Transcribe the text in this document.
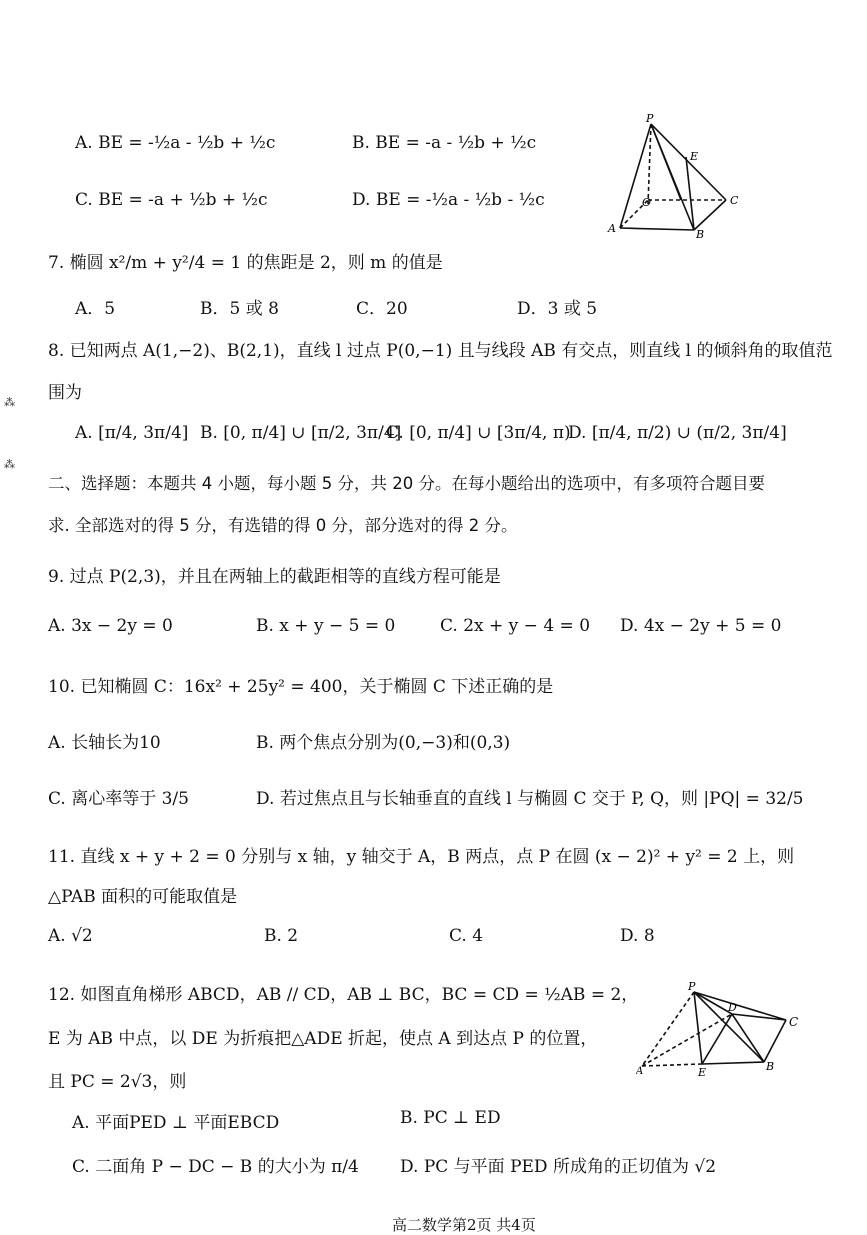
A. BE = -½a - ½b + ½c	B. BE = -a - ½b + ½c
C. BE = -a + ½b + ½c	D. BE = -½a - ½b - ½c
P
E
C
O
A	B
7. 椭圆 x²/m + y²/4 = 1 的焦距是 2，则 m 的值是
A．5	B．5 或 8	C．20	D．3 或 5
8. 已知两点 A(1,−2)、B(2,1)，直线 l 过点 P(0,−1) 且与线段 AB 有交点，则直线 l 的倾斜角的取值范
围为
A. [π/4, 3π/4] B. [0, π/4] ∪ [π/2, 3π/4]
C. [0, π/4] ∪ [3π/4, π)
D. [π/4, π/2) ∪ (π/2, 3π/4]
⁂
⁂
二、选择题：本题共 4 小题，每小题 5 分，共 20 分。在每小题给出的选项中，有多项符合题目要
求. 全部选对的得 5 分，有选错的得 0 分，部分选对的得 2 分。
9. 过点 P(2,3)，并且在两轴上的截距相等的直线方程可能是
A. 3x − 2y = 0	B. x + y − 5 = 0	C. 2x + y − 4 = 0 D. 4x − 2y + 5 = 0
10. 已知椭圆 C：16x² + 25y² = 400，关于椭圆 C 下述正确的是
A. 长轴长为10	B. 两个焦点分别为(0,−3)和(0,3)
C. 离心率等于 3/5	D. 若过焦点且与长轴垂直的直线 l 与椭圆 C 交于 P, Q，则 |PQ| = 32/5
11. 直线 x + y + 2 = 0 分别与 x 轴，y 轴交于 A，B 两点，点 P 在圆 (x − 2)² + y² = 2 上，则
△PAB 面积的可能取值是
A. √2	B. 2	C. 4	D. 8
12. 如图直角梯形 ABCD，AB // CD，AB ⊥ BC，BC = CD = ½AB = 2，
E 为 AB 中点，以 DE 为折痕把△ADE 折起，使点 A 到达点 P 的位置，
且 PC = 2√3，则
A. 平面PED ⊥ 平面EBCD	B. PC ⊥ ED
C. 二面角 P − DC − B 的大小为 π/4 D. PC 与平面 PED 所成角的正切值为 √2
P
D
C
A	E	B
高二数学第2页 共4页
